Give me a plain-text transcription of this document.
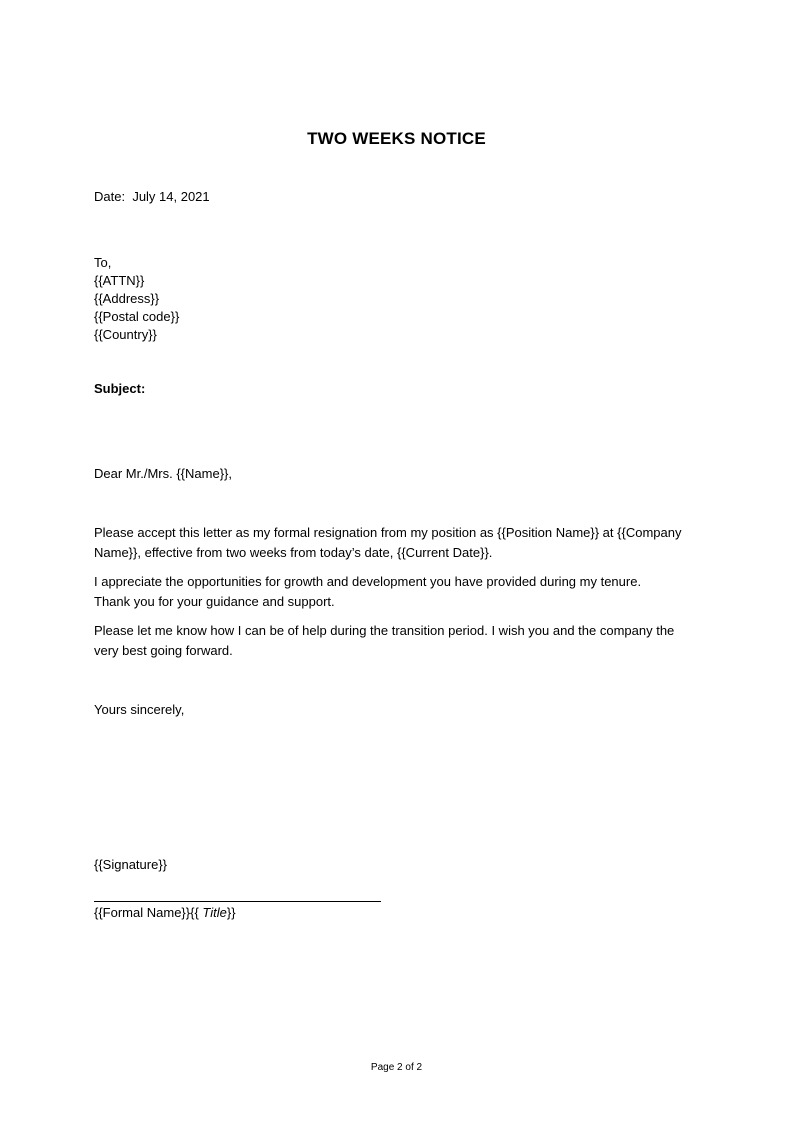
TWO WEEKS NOTICE
Date: July 14, 2021
To,
{{ATTN}}
{{Address}}
{{Postal code}}
{{Country}}
Subject:
Dear Mr./Mrs. {{Name}},
Please accept this letter as my formal resignation from my position as {{Position Name}} at {{Company
Name}}, effective from two weeks from today’s date, {{Current Date}}.
I appreciate the opportunities for growth and development you have provided during my tenure.
Thank you for your guidance and support.
Please let me know how I can be of help during the transition period. I wish you and the company the
very best going forward.
Yours sincerely,
{{Signature}}
{{Formal Name}}{{ Title}}
Page 2 of 2
